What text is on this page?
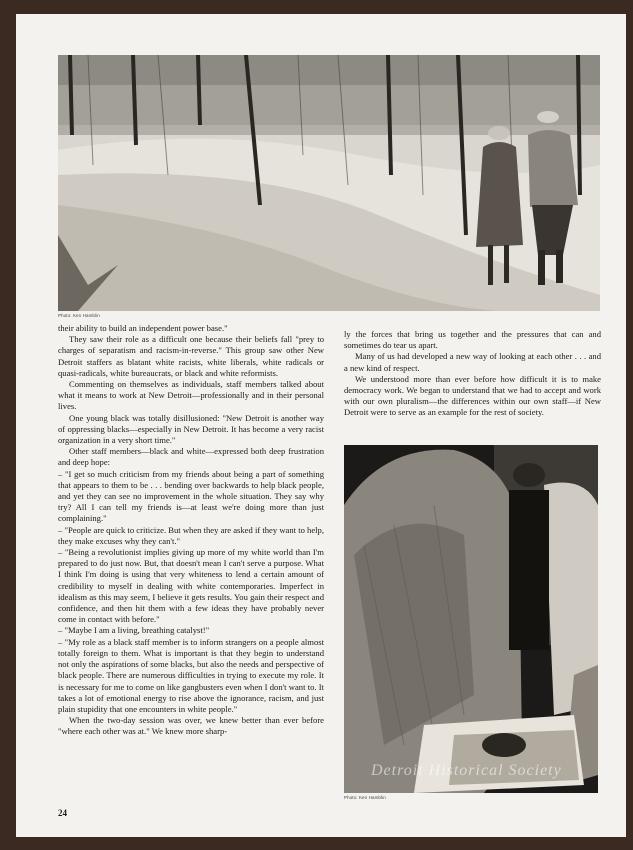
Photo: Ken Hamblin

their ability to build an independent power base."

They saw their role as a difficult one because their beliefs fall "prey to charges of separatism and racism-in-reverse." This group saw other New Detroit staffers as blatant white racists, white liberals, white radicals or quasi-radicals, white bureaucrats, or black and white reformists.

Commenting on themselves as individuals, staff members talked about what it means to work at New Detroit—professionally and in their personal lives.

One young black was totally disillusioned: "New Detroit is another way of oppressing blacks—especially in New Detroit. It has become a very racist organization in a very short time."

Other staff members—black and white—expressed both deep frustration and deep hope:

– "I get so much criticism from my friends about being a part of something that appears to them to be . . . bending over backwards to help black people, and yet they can see no improvement in the whole situation. They say why try? All I can tell my friends is—at least we're doing more than just complaining."

– "People are quick to criticize. But when they are asked if they want to help, they make excuses why they can't."

– "Being a revolutionist implies giving up more of my white world than I'm prepared to do just now. But, that doesn't mean I can't serve a purpose. What I think I'm doing is using that very whiteness to lend a certain amount of credibility to myself in dealing with white contemporaries. Imperfect in idealism as this may seem, I believe it gets results. You gain their respect and confidence, and then hit them with a few ideas they have probably never come in contact with before."

– "Maybe I am a living, breathing catalyst!"

– "My role as a black staff member is to inform strangers on a people almost totally foreign to them. What is important is that they begin to understand not only the aspirations of some blacks, but also the needs and perspective of black people. There are numerous difficulties in trying to execute my role. It is necessary for me to come on like gangbusters even when I don't want to. It takes a lot of emotional energy to rise above the ignorance, racism, and just plain stupidity that one encounters in white people."

When the two-day session was over, we knew better than ever before "where each other was at." We knew more sharp-

ly the forces that bring us together and the pressures that can and sometimes do tear us apart.

Many of us had developed a new way of looking at each other . . . and a new kind of respect.

We understood more than ever before how difficult it is to make democracy work. We began to understand that we had to accept and work with our own pluralism—the differences within our own staff—if New Detroit were to serve as an example for the rest of society.

Detroit Historical Society
Photo: Ken Hamblin
24
